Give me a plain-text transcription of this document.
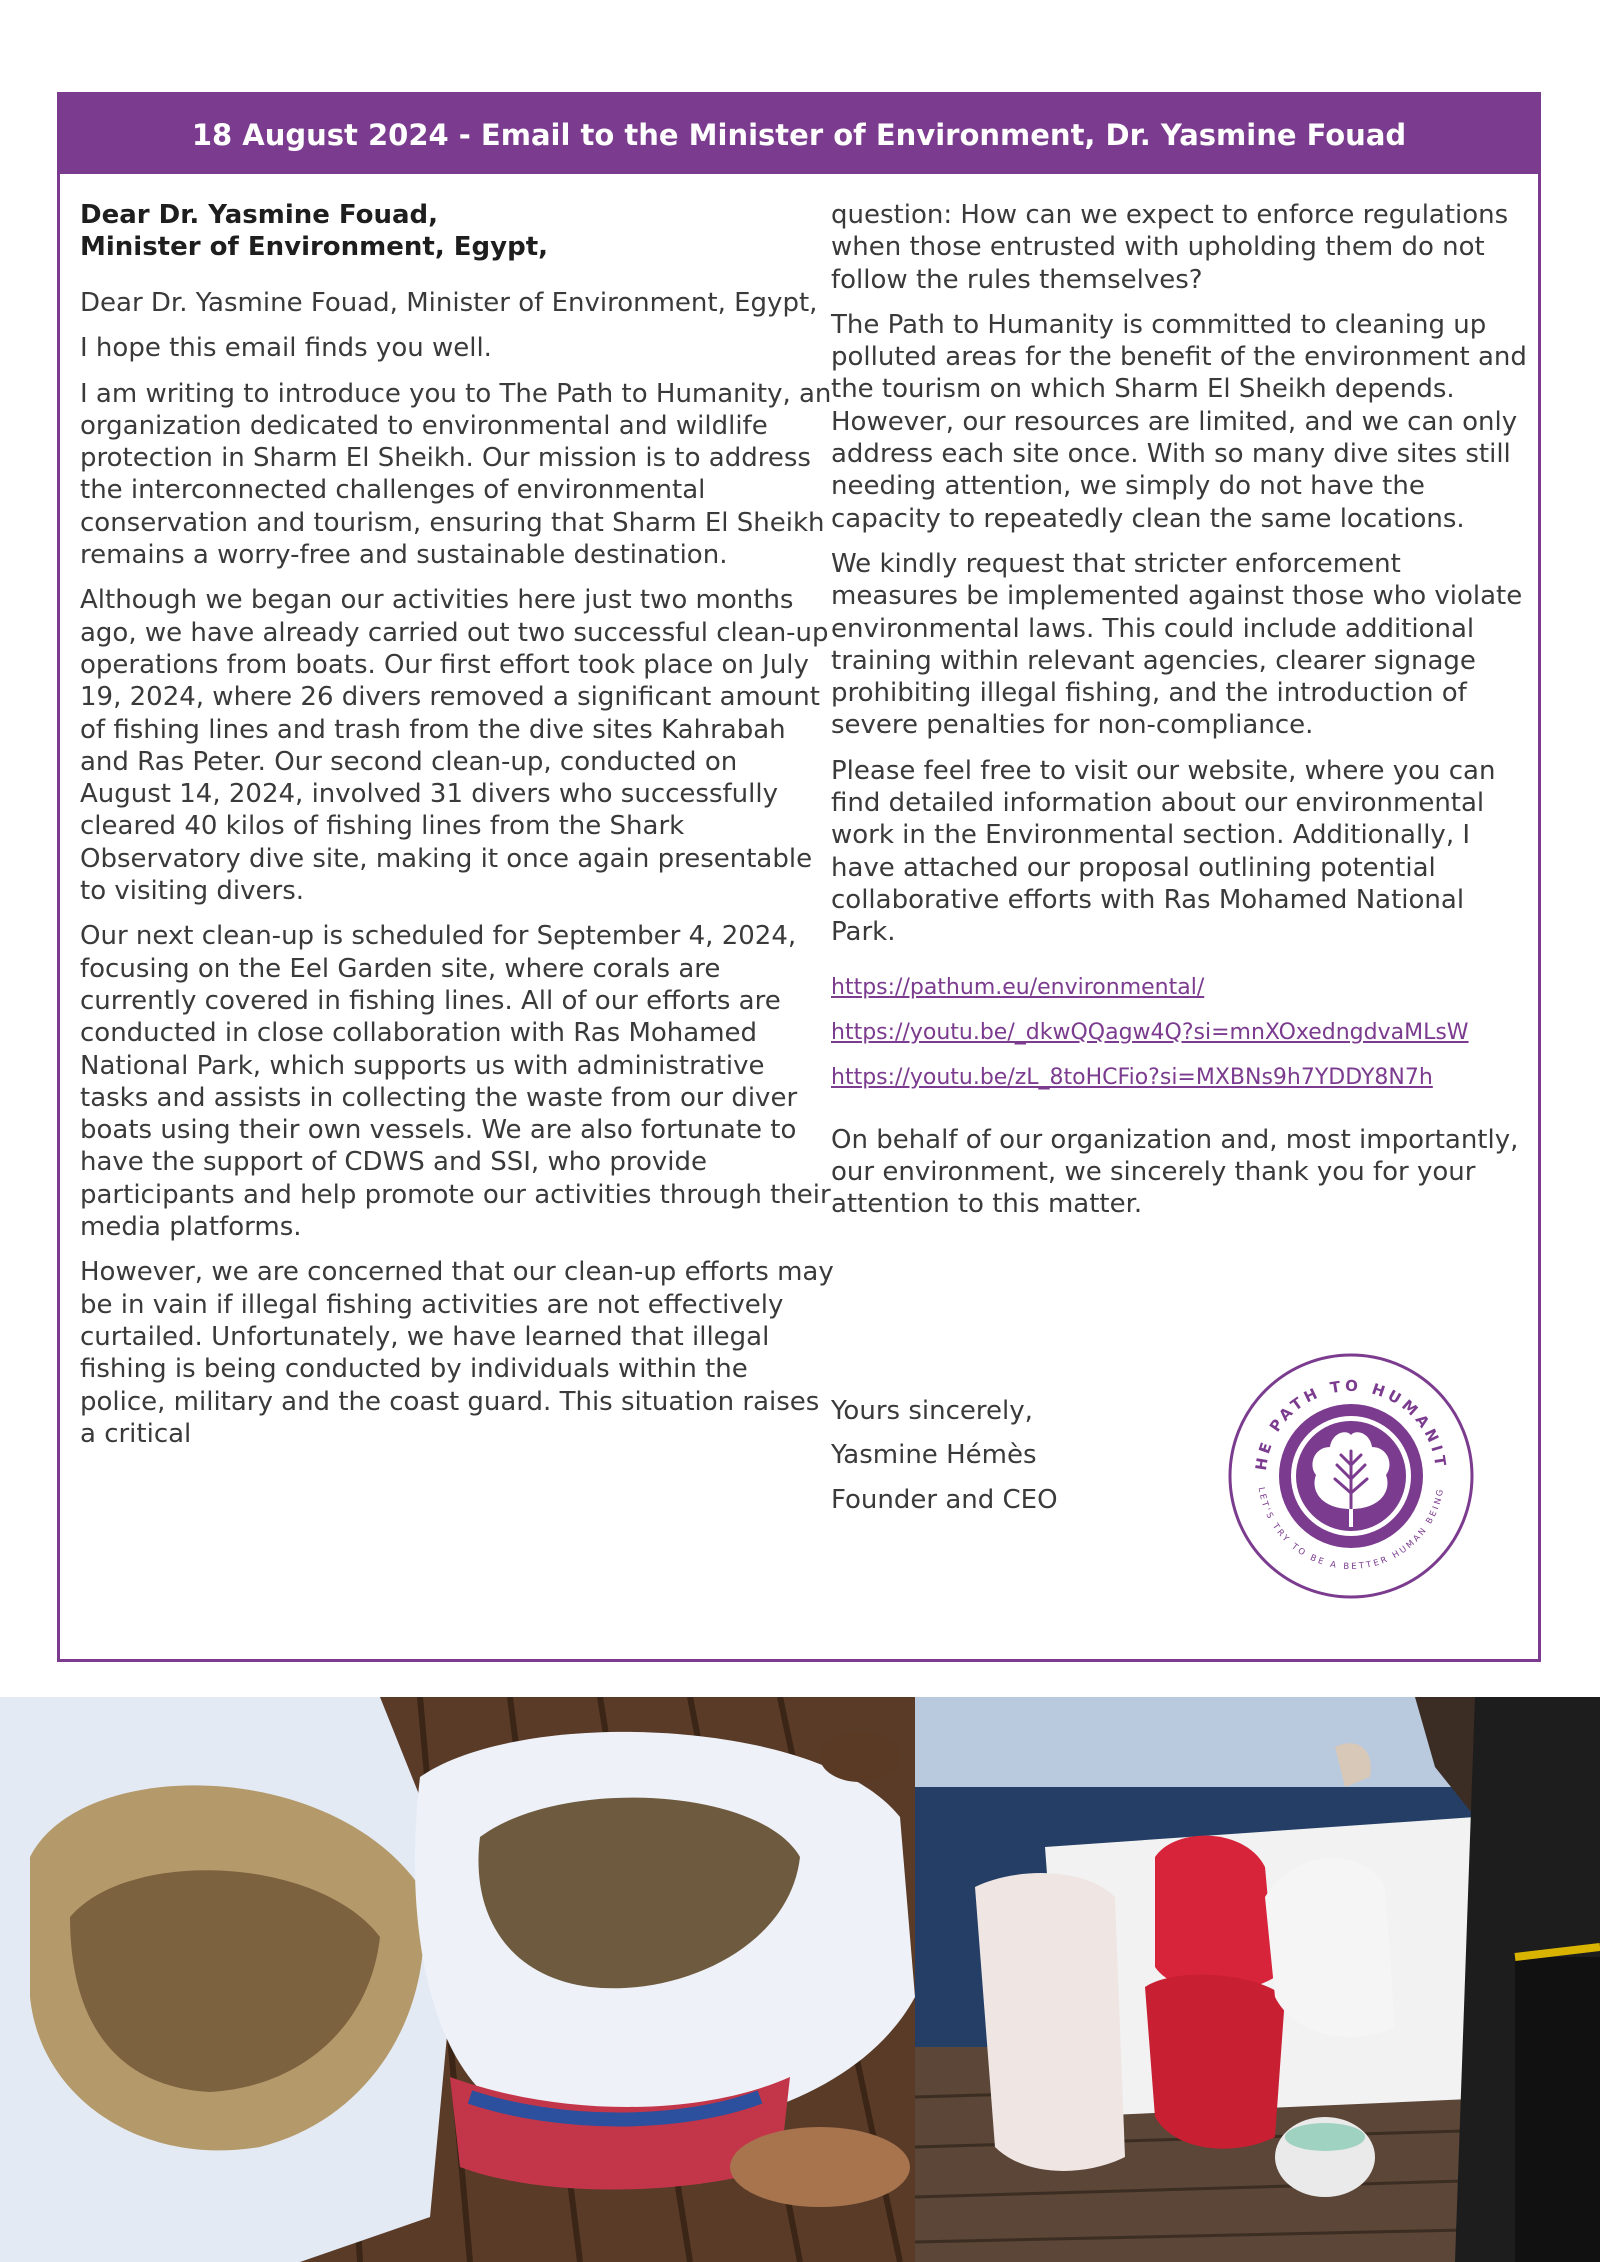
18 August 2024 - Email to the Minister of Environment, Dr. Yasmine Fouad
Dear Dr. Yasmine Fouad,
Minister of Environment, Egypt,

Dear Dr. Yasmine Fouad, Minister of Environment, Egypt,

I hope this email finds you well.

I am writing to introduce you to The Path to Humanity, an organization dedicated to environmental and wildlife protection in Sharm El Sheikh. Our mission is to address the interconnected challenges of environmental conservation and tourism, ensuring that Sharm El Sheikh remains a worry-free and sustainable destination.

Although we began our activities here just two months ago, we have already carried out two successful clean-up operations from boats. Our first effort took place on July 19, 2024, where 26 divers removed a significant amount of fishing lines and trash from the dive sites Kahrabah and Ras Peter. Our second clean-up, conducted on August 14, 2024, involved 31 divers who successfully cleared 40 kilos of fishing lines from the Shark Observatory dive site, making it once again presentable to visiting divers.

Our next clean-up is scheduled for September 4, 2024, focusing on the Eel Garden site, where corals are currently covered in fishing lines. All of our efforts are conducted in close collaboration with Ras Mohamed National Park, which supports us with administrative tasks and assists in collecting the waste from our diver boats using their own vessels. We are also fortunate to have the support of CDWS and SSI, who provide participants and help promote our activities through their media platforms.

However, we are concerned that our clean-up efforts may be in vain if illegal fishing activities are not effectively curtailed. Unfortunately, we have learned that illegal fishing is being conducted by individuals within the police, military and the coast guard. This situation raises a critical

question: How can we expect to enforce regulations when those entrusted with upholding them do not follow the rules themselves?

The Path to Humanity is committed to cleaning up polluted areas for the benefit of the environment and the tourism on which Sharm El Sheikh depends. However, our resources are limited, and we can only address each site once. With so many dive sites still needing attention, we simply do not have the capacity to repeatedly clean the same locations.

We kindly request that stricter enforcement measures be implemented against those who violate environmental laws. This could include additional training within relevant agencies, clearer signage prohibiting illegal fishing, and the introduction of severe penalties for non-compliance.

Please feel free to visit our website, where you can find detailed information about our environmental work in the Environmental section. Additionally, I have attached our proposal outlining potential collaborative efforts with Ras Mohamed National Park.

https://pathum.eu/environmental/
https://youtu.be/_dkwQQagw4Q?si=mnXOxedngdvaMLsW
https://youtu.be/zL_8toHCFio?si=MXBNs9h7YDDY8N7h

On behalf of our organization and, most importantly, our environment, we sincerely thank you for your attention to this matter.

Yours sincerely,

Yasmine Hémès

Founder and CEO

HE PATH TO HUMANIT
LET'S TRY TO BE A BETTER HUMAN BEING
